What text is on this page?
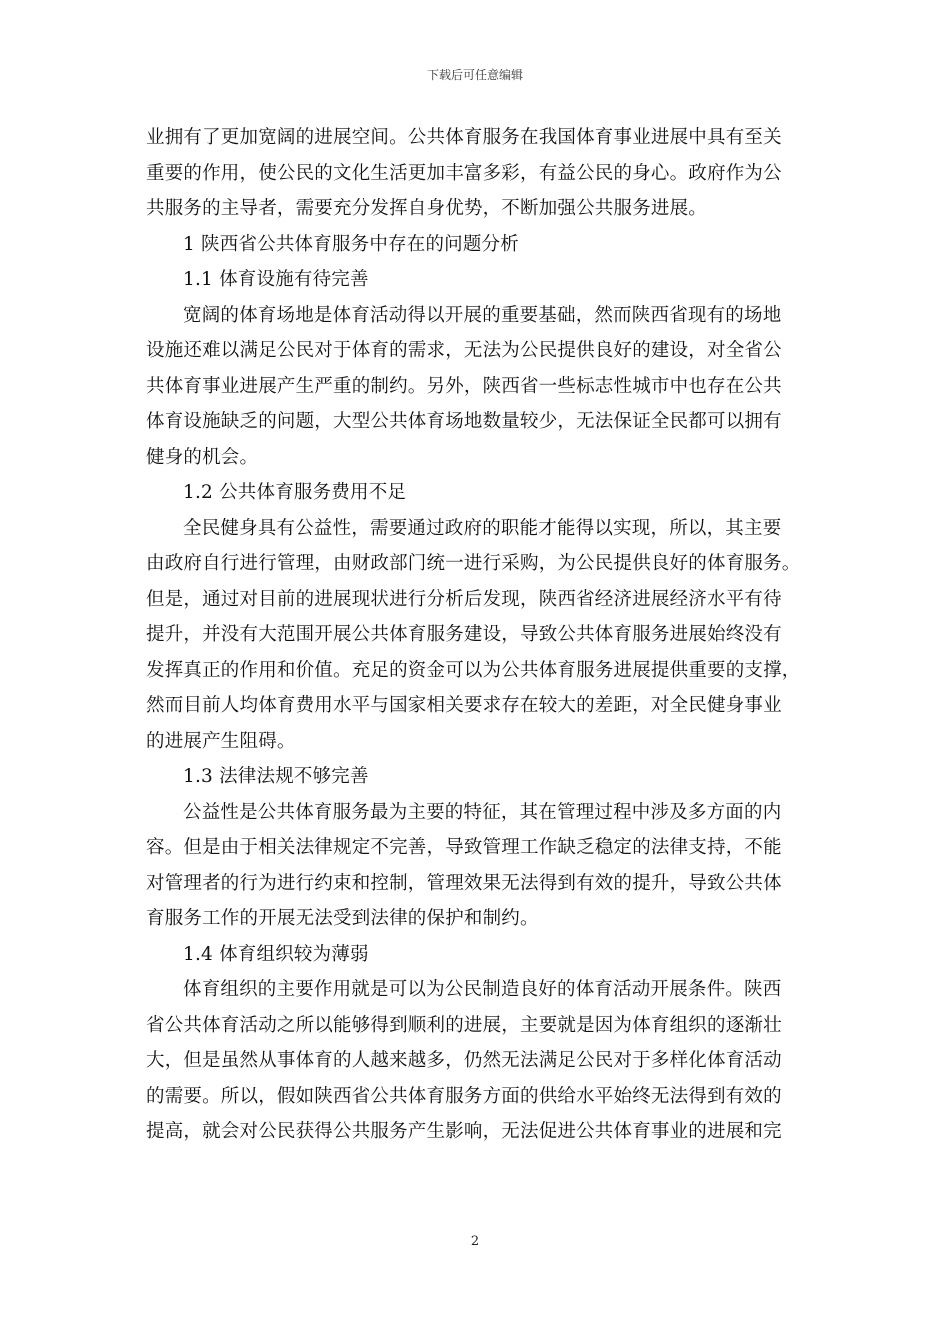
下载后可任意编辑
业拥有了更加宽阔的进展空间。公共体育服务在我国体育事业进展中具有至关
重要的作用，使公民的文化生活更加丰富多彩，有益公民的身心。政府作为公
共服务的主导者，需要充分发挥自身优势，不断加强公共服务进展。
1 陕西省公共体育服务中存在的问题分析
1.1 体育设施有待完善
宽阔的体育场地是体育活动得以开展的重要基础，然而陕西省现有的场地
设施还难以满足公民对于体育的需求，无法为公民提供良好的建设，对全省公
共体育事业进展产生严重的制约。另外，陕西省一些标志性城市中也存在公共
体育设施缺乏的问题，大型公共体育场地数量较少，无法保证全民都可以拥有
健身的机会。
1.2 公共体育服务费用不足
全民健身具有公益性，需要通过政府的职能才能得以实现，所以，其主要
由政府自行进行管理，由财政部门统一进行采购，为公民提供良好的体育服务。
但是，通过对目前的进展现状进行分析后发现，陕西省经济进展经济水平有待
提升，并没有大范围开展公共体育服务建设，导致公共体育服务进展始终没有
发挥真正的作用和价值。充足的资金可以为公共体育服务进展提供重要的支撑，
然而目前人均体育费用水平与国家相关要求存在较大的差距，对全民健身事业
的进展产生阻碍。
1.3 法律法规不够完善
公益性是公共体育服务最为主要的特征，其在管理过程中涉及多方面的内
容。但是由于相关法律规定不完善，导致管理工作缺乏稳定的法律支持，不能
对管理者的行为进行约束和控制，管理效果无法得到有效的提升，导致公共体
育服务工作的开展无法受到法律的保护和制约。
1.4 体育组织较为薄弱
体育组织的主要作用就是可以为公民制造良好的体育活动开展条件。陕西
省公共体育活动之所以能够得到顺利的进展，主要就是因为体育组织的逐渐壮
大，但是虽然从事体育的人越来越多，仍然无法满足公民对于多样化体育活动
的需要。所以，假如陕西省公共体育服务方面的供给水平始终无法得到有效的
提高，就会对公民获得公共服务产生影响，无法促进公共体育事业的进展和完
2
